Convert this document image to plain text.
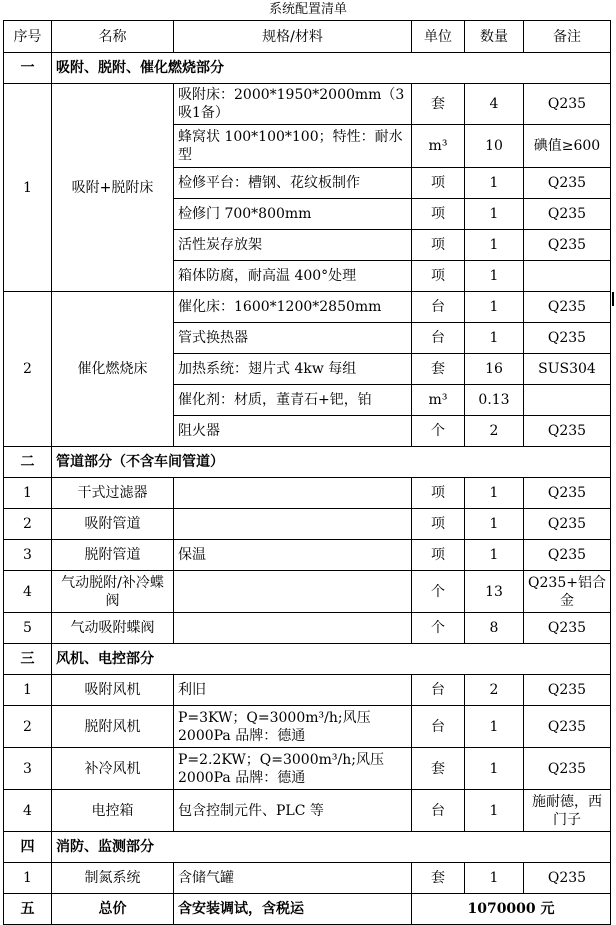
系统配置清单
序号	名称	规格/材料	单位	数量	备注
一	吸附、脱附、催化燃烧部分				
1	吸附+脱附床	吸附床：2000*1950*2000mm（3吸1备）	套	4	Q235
		蜂窝状 100*100*100；特性：耐水型	m³	10	碘值≥600
		检修平台：槽钢、花纹板制作	项	1	Q235
		检修门 700*800mm	项	1	Q235
		活性炭存放架	项	1	Q235
		箱体防腐，耐高温 400°处理	项	1	
2	催化燃烧床	催化床：1600*1200*2850mm	台	1	Q235
		管式换热器	台	1	Q235
		加热系统：翅片式 4kw 每组	套	16	SUS304
		催化剂：材质，董青石+钯，铂	m³	0.13	
		阻火器	个	2	Q235
二	管道部分（不含车间管道）				
1	干式过滤器		项	1	Q235
2	吸附管道		项	1	Q235
3	脱附管道	保温	项	1	Q235
4	气动脱附/补冷蝶阀		个	13	Q235+铝合金
5	气动吸附蝶阀		个	8	Q235
三	风机、电控部分				
1	吸附风机	利旧	台	2	Q235
2	脱附风机	P=3KW；Q=3000m³/h;风压 2000Pa 品牌：德通	台	1	Q235
3	补冷风机	P=2.2KW；Q=3000m³/h;风压 2000Pa 品牌：德通	套	1	Q235
4	电控箱	包含控制元件、PLC 等	台	1	施耐德，西门子
四	消防、监测部分				
1	制氮系统	含储气罐	套	1	Q235
五	总价	含安装调试，含税运	1070000 元		
